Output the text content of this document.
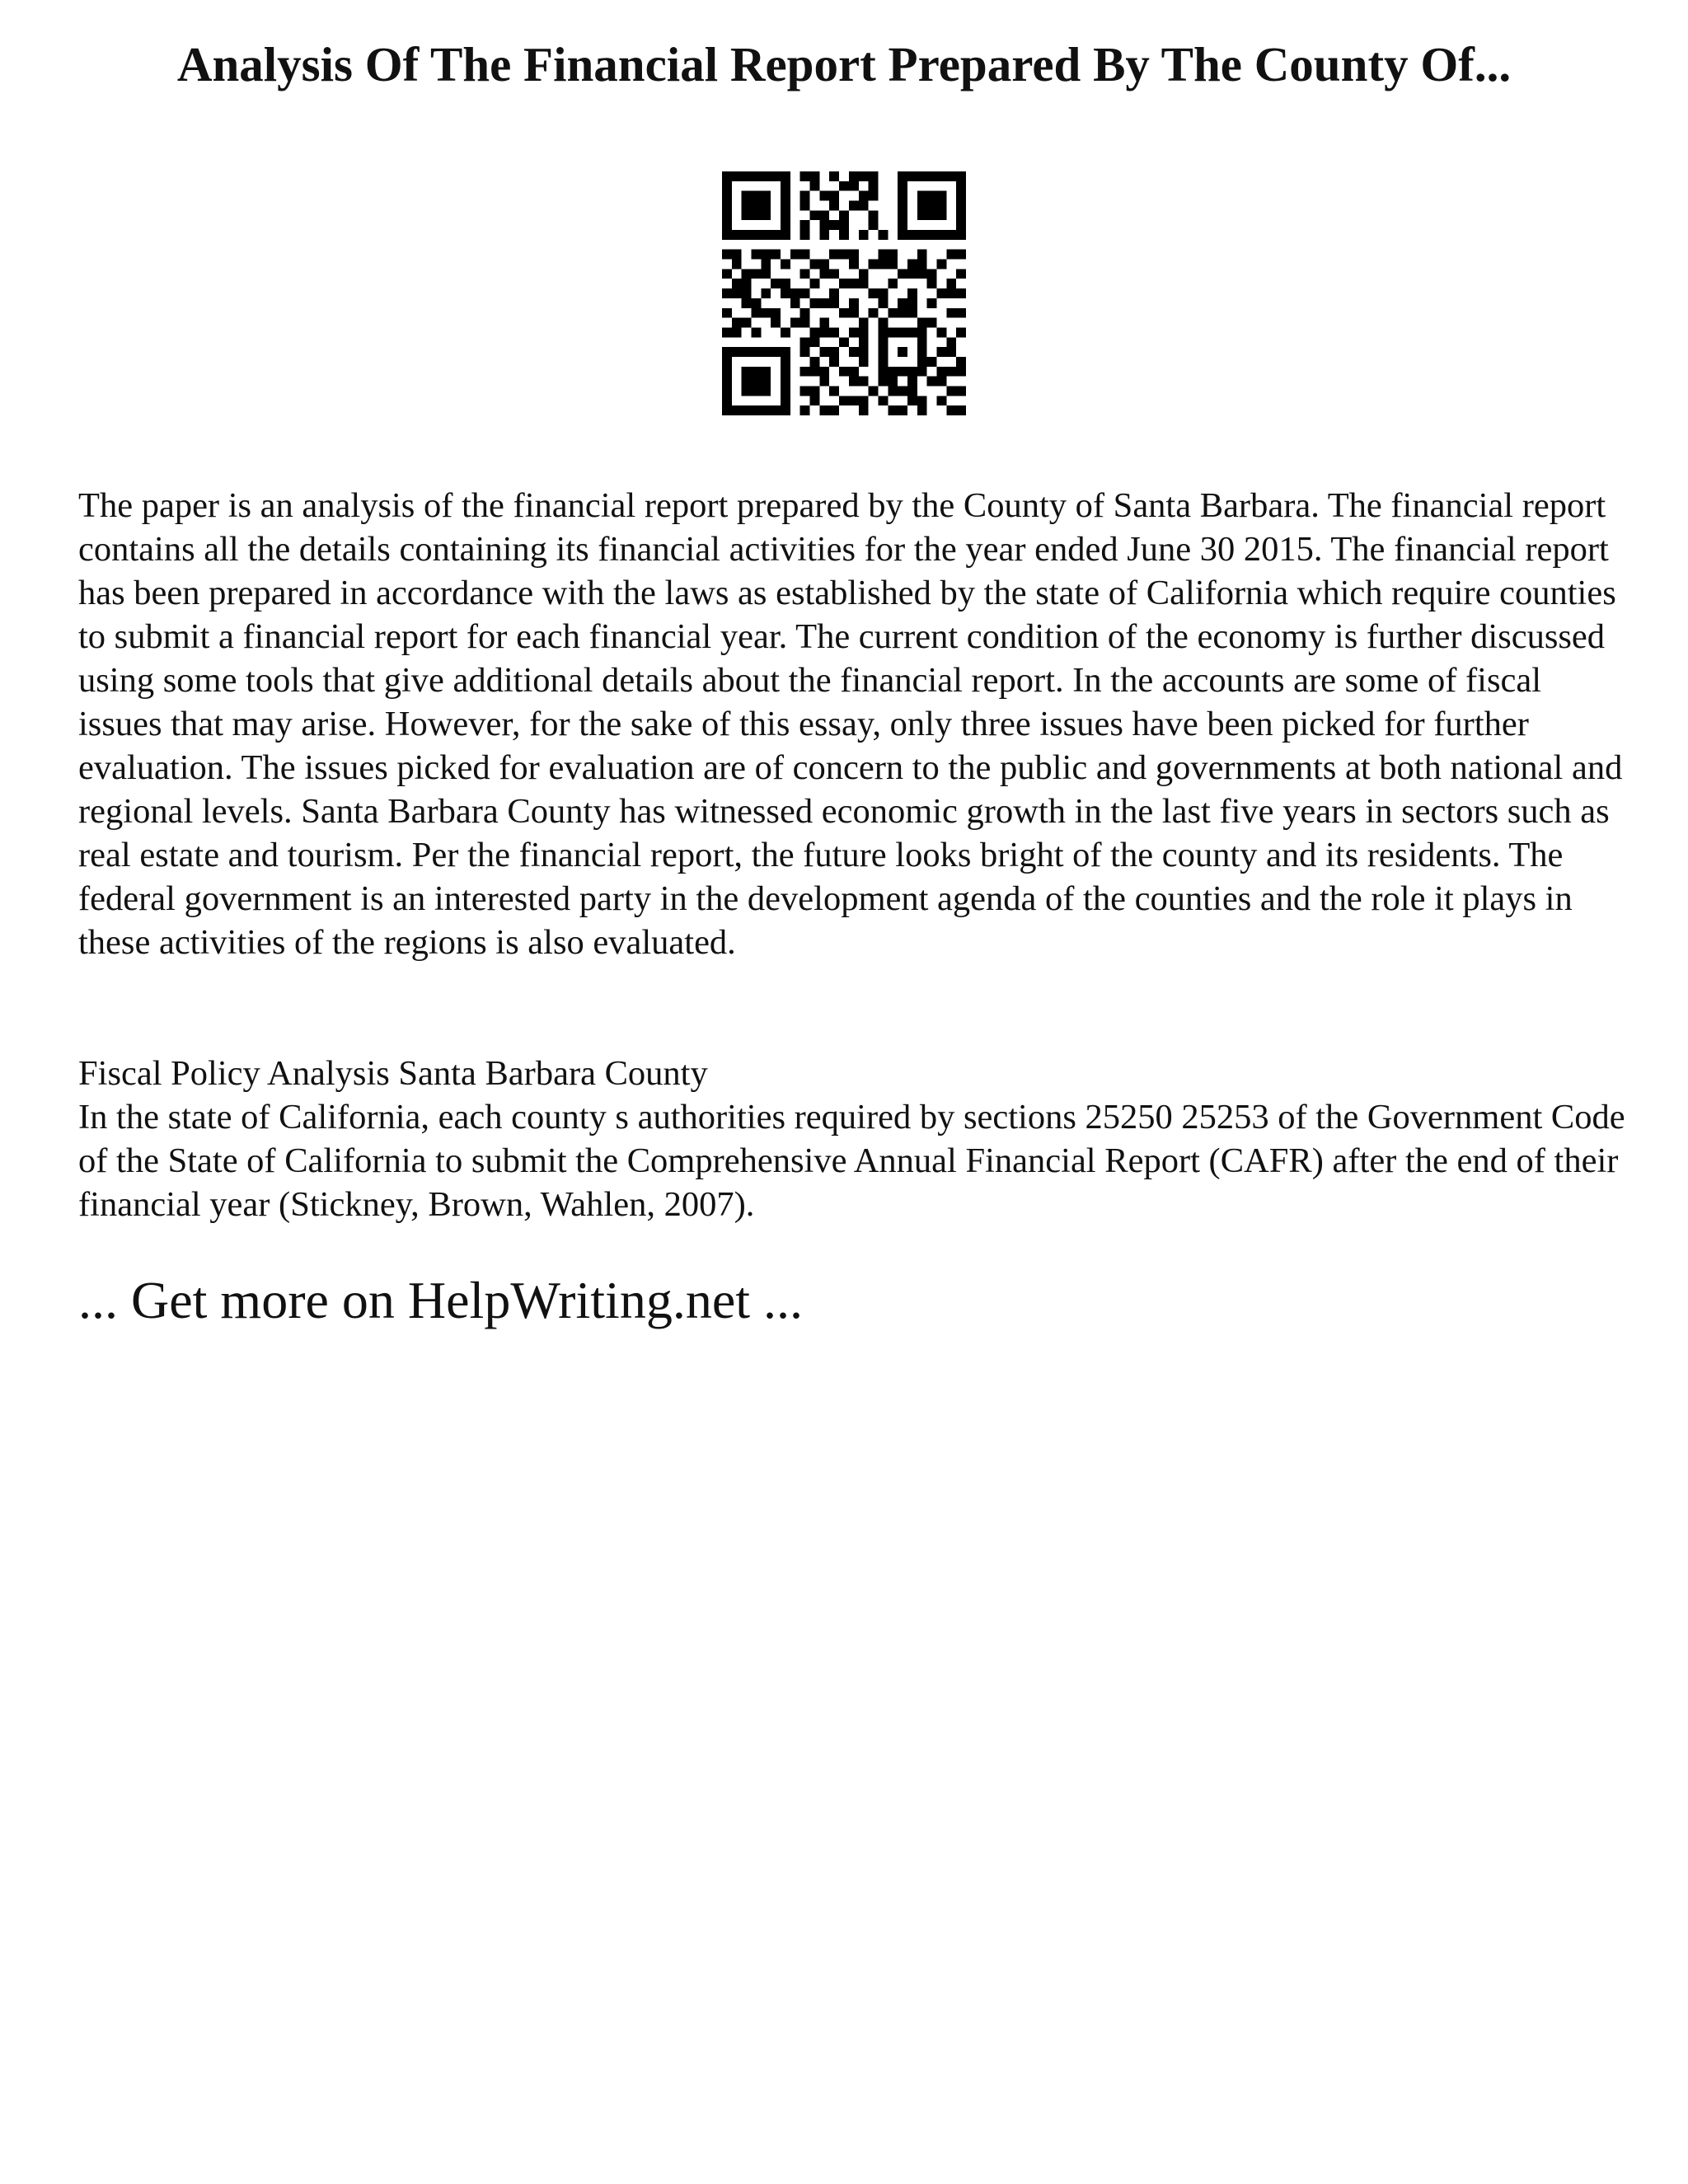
Analysis Of The Financial Report Prepared By The County Of...

The paper is an analysis of the financial report prepared by the County of Santa Barbara. The financial report contains all the details containing its financial activities for the year ended June 30 2015. The financial report has been prepared in accordance with the laws as established by the state of California which require counties to submit a financial report for each financial year. The current condition of the economy is further discussed using some tools that give additional details about the financial report. In the accounts are some of fiscal issues that may arise. However, for the sake of this essay, only three issues have been picked for further evaluation. The issues picked for evaluation are of concern to the public and governments at both national and regional levels. Santa Barbara County has witnessed economic growth in the last five years in sectors such as real estate and tourism. Per the financial report, the future looks bright of the county and its residents. The federal government is an interested party in the development agenda of the counties and the role it plays in these activities of the regions is also evaluated.

Fiscal Policy Analysis Santa Barbara County
In the state of California, each county s authorities required by sections 25250 25253 of the Government Code of the State of California to submit the Comprehensive Annual Financial Report (CAFR) after the end of their financial year (Stickney, Brown, Wahlen, 2007).
... Get more on HelpWriting.net ...
